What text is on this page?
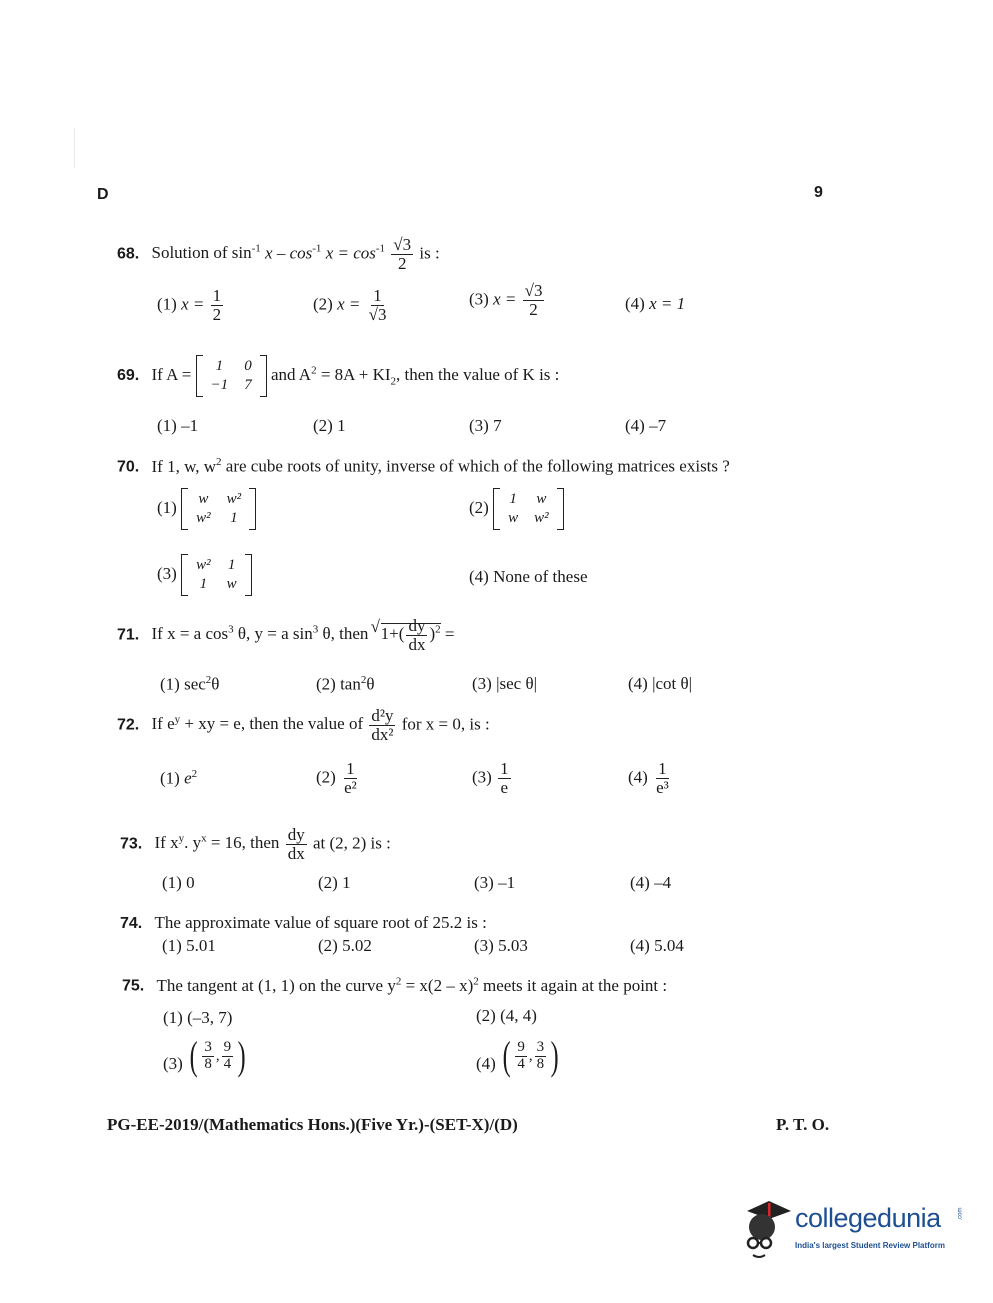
D	9
68. Solution of $\sin^{-1} x - \cos^{-1} x = \cos^{-1} \frac{√3}{2}$ is :
(1) $x = \frac{1}{2}$	(2) $x = \frac{1}{√3}$	(3) $x = \frac{√3}{2}$	(4) x = 1
69. If A = 1	0
−1	7
and $A^2 = 8A + KI_2$, then the value of K is :
(1) –1	(2) 1	(3) 7	(4) –7
70. If 1, w, $w^2$ are cube roots of unity, inverse of which of the following matrices exists ?
(1) w	w²
w²	1
(2) 1	w
w	w²
(3) w²	1
1	w	(4) None of these
71. If x = a $\cos^3 \theta$, y = a $\sin^3 \theta$, then √ $1+( \frac{dy}{dx} )^2$ =
(1) $\sec^2\theta$	(2) $\tan^2\theta$	(3) |sec θ|	(4) |cot θ|
72. If $e^y$ + xy = e, then the value of $\frac{\text{d²y}}{\text{dx²}}$ for x = 0, is :
(1) $e^2$	$(2) \frac{1}{\text{e²}}$	$(3) \frac{1}{e}$	$(4) \frac{1}{\text{e³}}$
73. If $x^y$. $y^x = 16$, then $\frac{dy}{dx}$ at (2, 2) is :
(1) 0	(2) 1	(3) –1	(4) –4
74. The approximate value of square root of 25.2 is :
(1) 5.01	(2) 5.02	(3) 5.03	(4) 5.04
75. The tangent at (1, 1) on the curve $y^2 = x(2 - x)^2$ meets it again at the point :
(1) (–3, 7)	(2) (4, 4)
(3) ( $\frac{3}{8}$ , $\frac{9}{4}$ )	(4) ( $\frac{9}{4}$ , $\frac{3}{8}$ )
PG-EE-2019/(Mathematics Hons.)(Five Yr.)-(SET-X)/(D)	P. T. O.
collegedunia	.com
India's largest Student Review Platform
